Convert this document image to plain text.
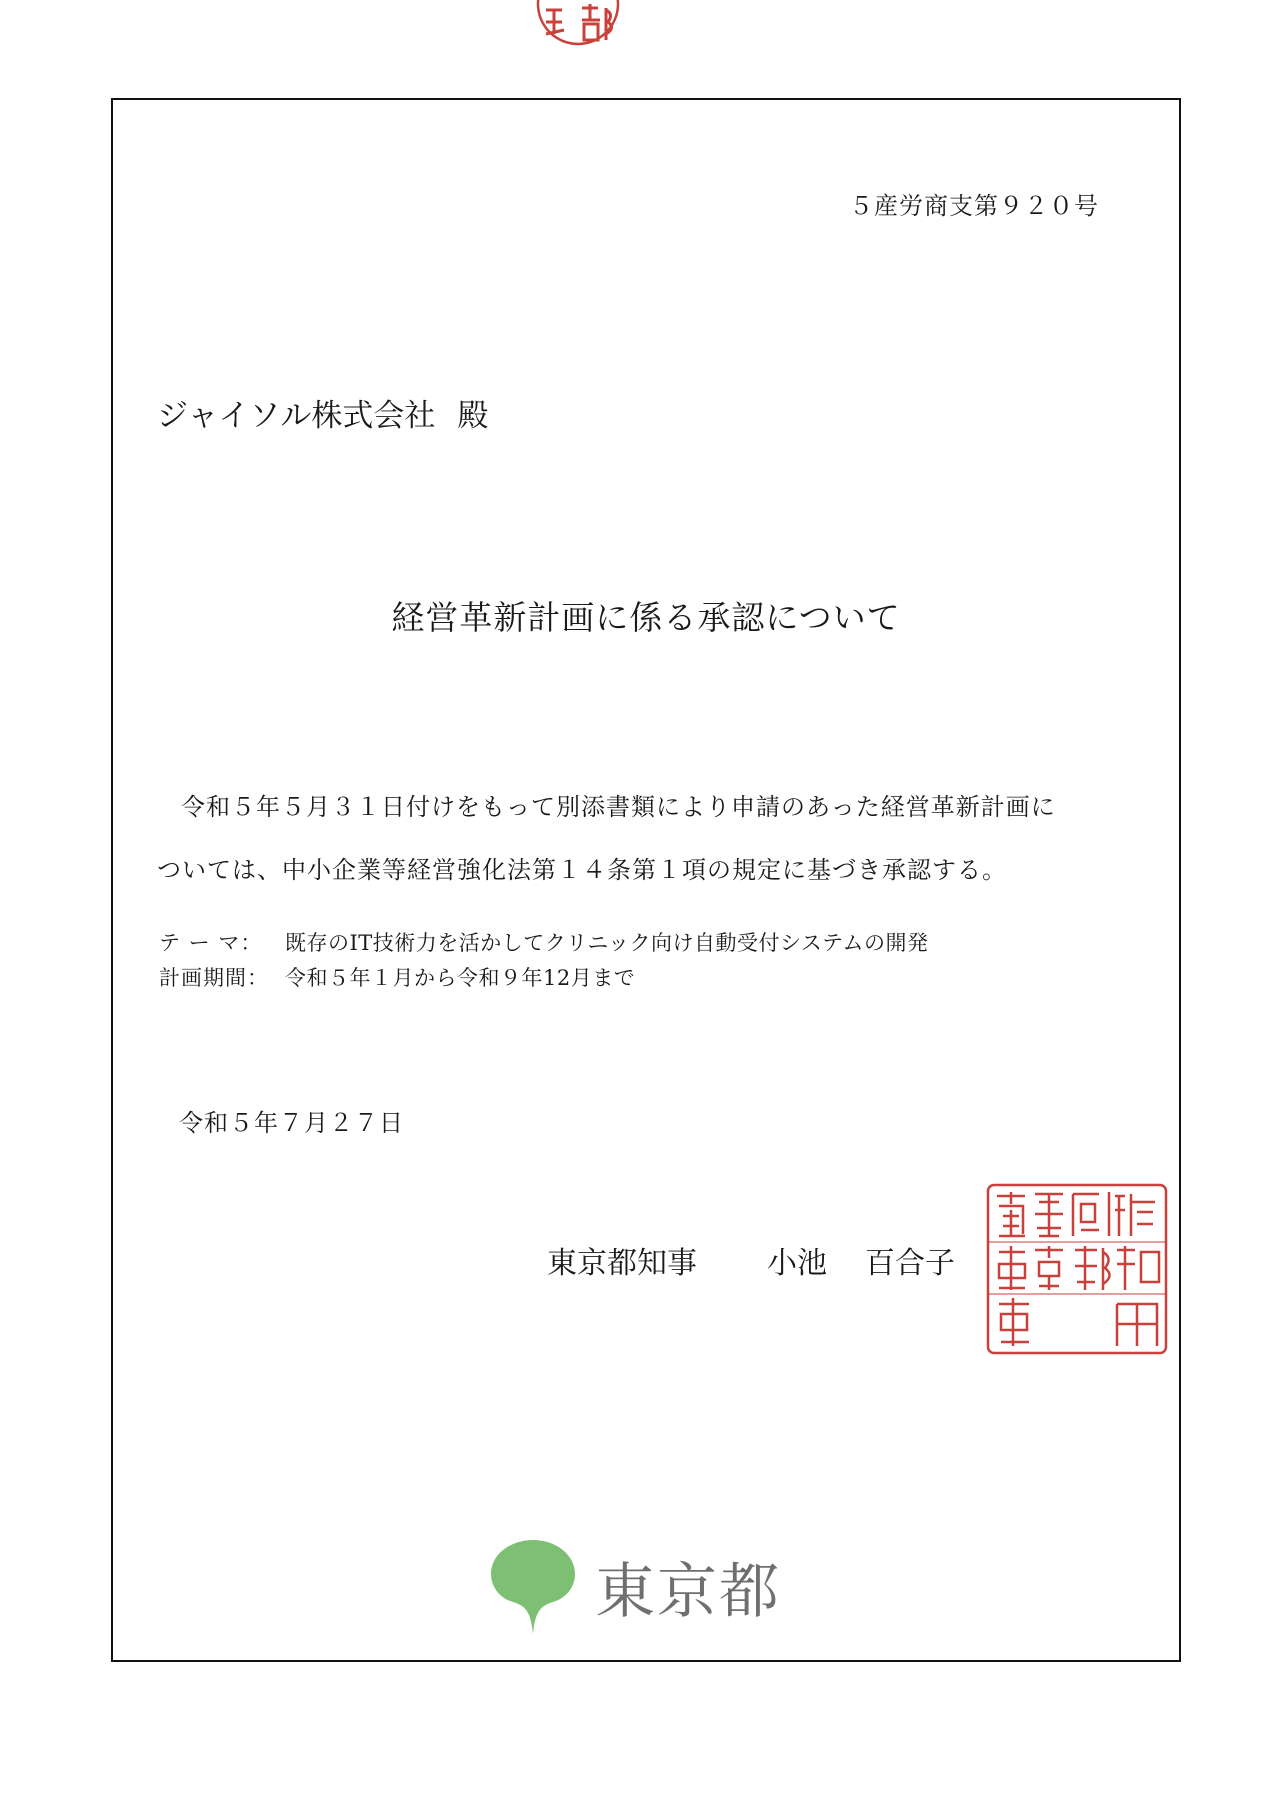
５産労商支第９２０号
ジャイソル株式会社 殿
経営革新計画に係る承認について
令和５年５月３１日付けをもって別添書類により申請のあった経営革新計画に
ついては、中小企業等経営強化法第１４条第１項の規定に基づき承認する。
テ ー マ：	既存のIT技術力を活かしてクリニック向け自動受付システムの開発
計画期間： 令和５年１月から令和９年12月まで
令和５年７月２７日
東京都知事 小池 百合子
東京都
